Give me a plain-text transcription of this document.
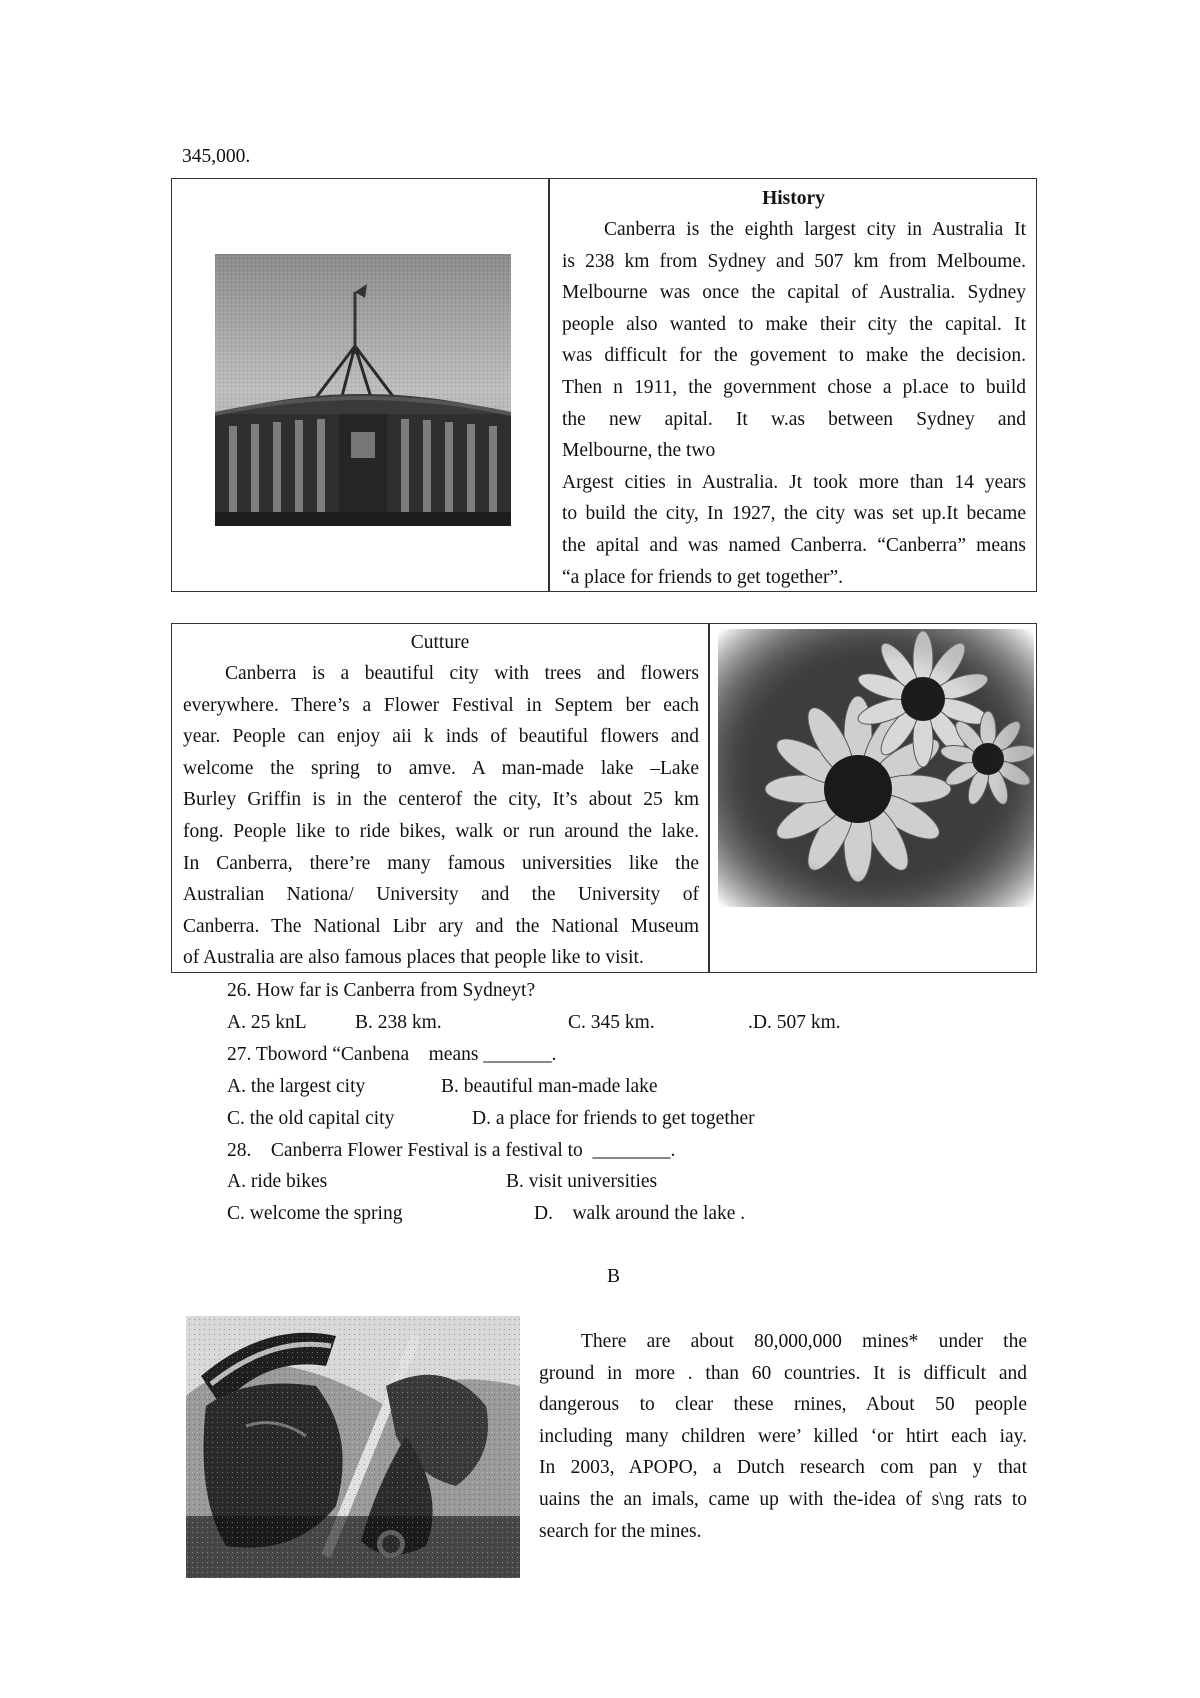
345,000.
History
Canberra is the eighth largest city in Australia It
is 238 km from Sydney and 507 km from Melboume.
Melbourne was once the capital of Australia. Sydney
people also wanted to make their city the capital. It
was difficult for the govement to make the decision.
Then n 1911, the government chose a pl.ace to build
the new apital. It w.as between Sydney and
Melbourne, the two
Argest cities in Australia. Jt took more than 14 years
to build the city, In 1927, the city was set up.It became
the apital and was named Canberra. “Canberra” means
“a place for friends to get together”.
Cutture
Canberra is a beautiful city with trees and flowers
everywhere. There’s a Flower Festival in Septem ber each
year. People can enjoy aii k inds of beautiful flowers and
welcome the spring to amve. A man-made lake –Lake
Burley Griffin is in the centerof the city, It’s about 25 km
fong. People like to ride bikes, walk or run around the lake.
In Canberra, there’re many famous universities like the
Australian Nationa/ University and the University of
Canberra. The National Libr ary and the National Museum
of Australia are also famous places that people like to visit.
26. How far is Canberra from Sydneyt?
A. 25 knL B. 238 km.	C. 345 km.	.D. 507 km.
27. Tboword “Canbena    means _______.
A. the largest city	B. beautiful man-made lake
C. the old capital city	D. a place for friends to get together
28.    Canberra Flower Festival is a festival to  ________.
A. ride bikes	B. visit universities
C. welcome the spring	D.    walk around the lake .
B
There are about 80,000,000 mines* under the
ground in more . than 60 countries. It is difficult and
dangerous to clear these rnines, About 50 people
including many children were’ killed ‘or htirt each iay.
In 2003, APOPO, a Dutch research com pan y that
uains the an imals, came up with the-idea of s\ng rats to
search for the mines.
